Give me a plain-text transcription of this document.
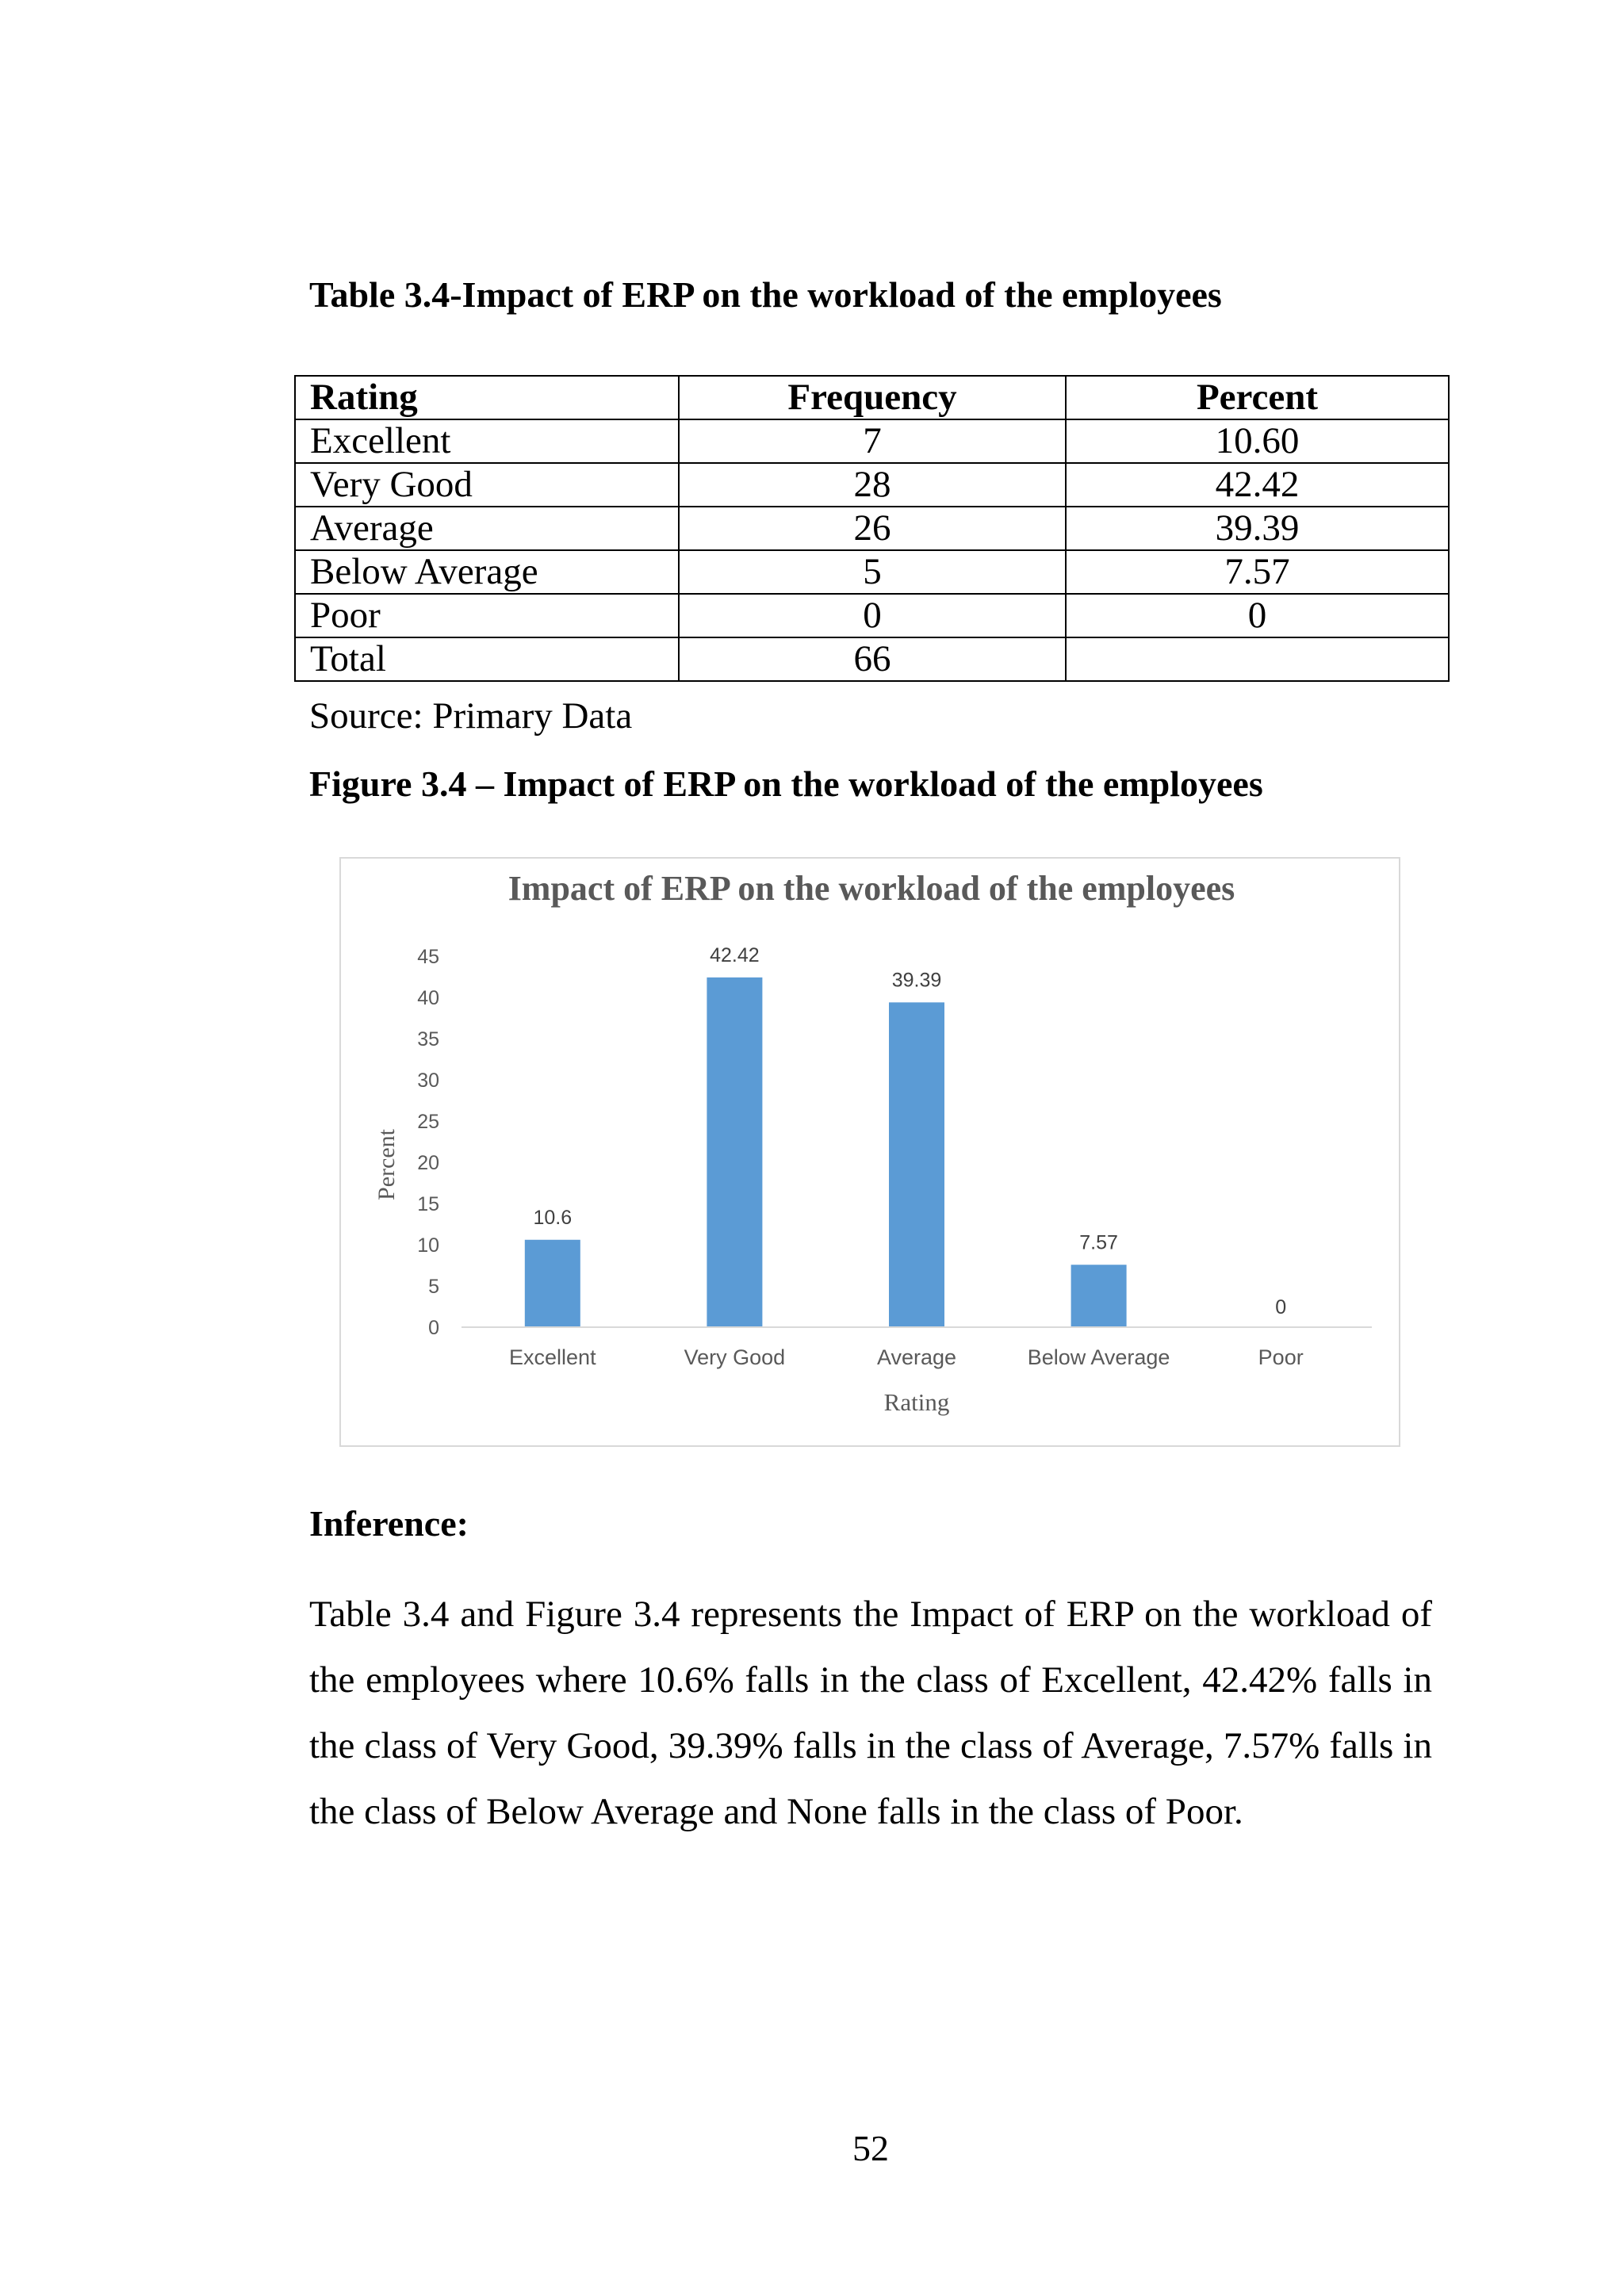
Table 3.4-Impact of ERP on the workload of the employees
Rating	Frequency	Percent
Excellent	7	10.60
Very Good	28	42.42
Average	26	39.39
Below Average	5	7.57
Poor	0	0
Total	66	

Source: Primary Data

Figure 3.4 – Impact of ERP on the workload of the employees
Impact of ERP on the workload of the employees
Percent
Rating
0
5
10
15
20
25
30
35
40
45
10.6
42.42
39.39
7.57
0
Excellent	Very Good	Average	Below Average	Poor
Inference:

Table 3.4 and Figure 3.4 represents the Impact of ERP on the workload of the employees where 10.6% falls in the class of Excellent, 42.42% falls in the class of Very Good, 39.39% falls in the class of Average, 7.57% falls in the class of Below Average and None falls in the class of Poor.

52
